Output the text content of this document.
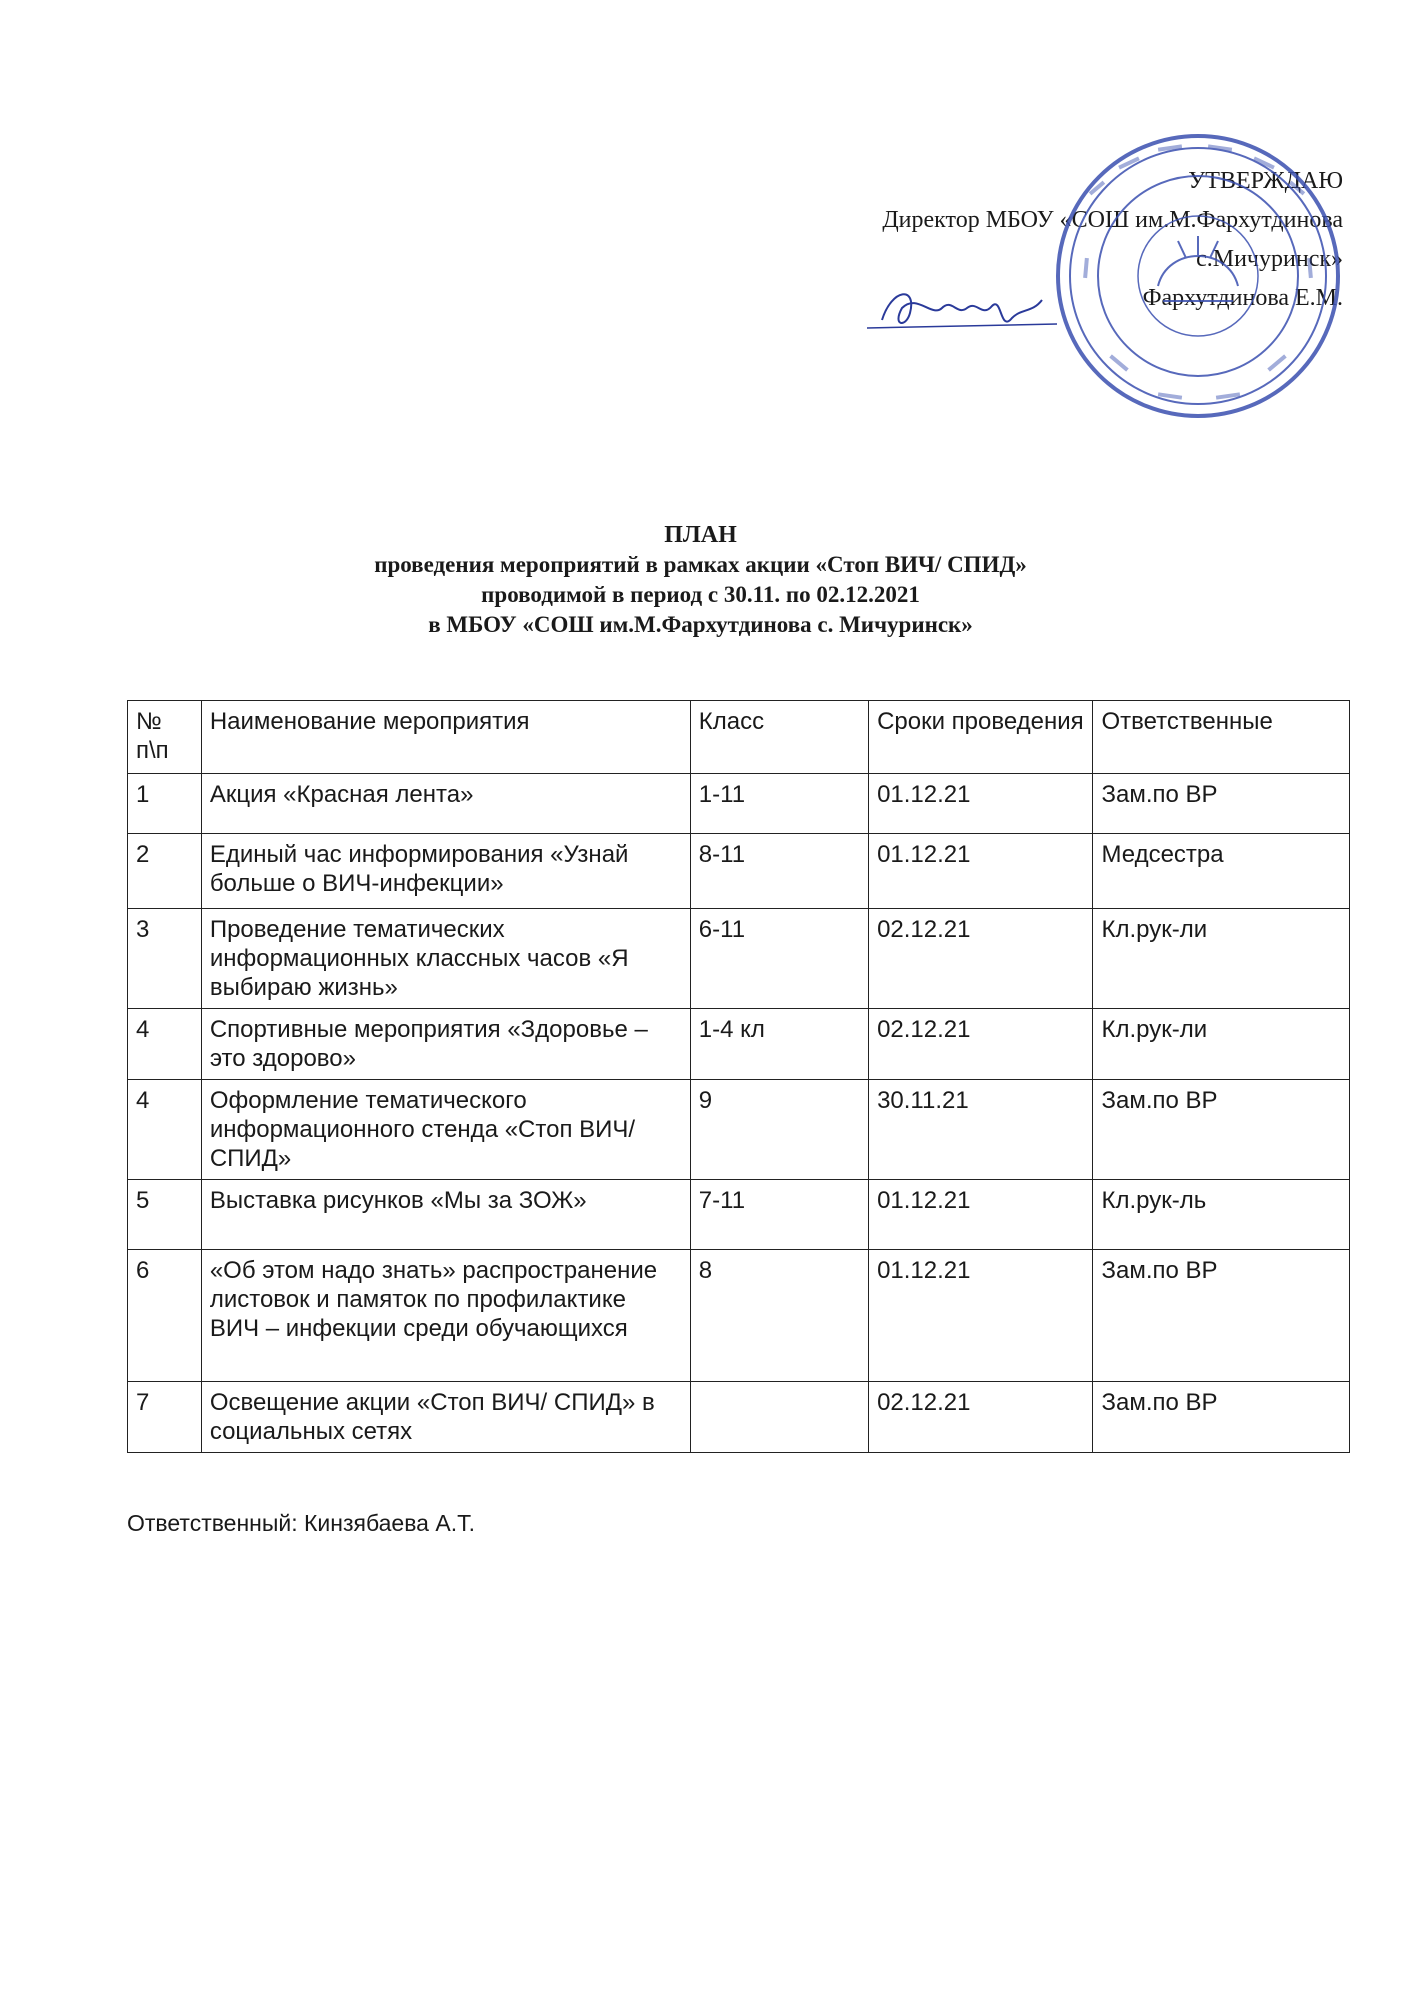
УТВЕРЖДАЮ
Директор МБОУ «СОШ им.М.Фархутдинова
с.Мичуринск»
Фархутдинова Е.М.
ПЛАН
проведения мероприятий в рамках акции «Стоп ВИЧ/ СПИД»
проводимой в период с 30.11. по 02.12.2021
в МБОУ «СОШ им.М.Фархутдинова с. Мичуринск»
№ п\п	Наименование мероприятия	Класс	Сроки проведения	Ответственные
1	Акция «Красная лента»	1-11	01.12.21	Зам.по ВР
2	Единый час информирования «Узнай больше о ВИЧ-инфекции»	8-11	01.12.21	Медсестра
3	Проведение тематических информационных классных часов «Я выбираю жизнь»	6-11	02.12.21	Кл.рук-ли
4	Спортивные мероприятия «Здоровье – это здорово»	1-4 кл	02.12.21	Кл.рук-ли
4	Оформление тематического информационного стенда «Стоп ВИЧ/СПИД»	9	30.11.21	Зам.по ВР
5	Выставка рисунков «Мы за ЗОЖ»	7-11	01.12.21	Кл.рук-ль
6	«Об этом надо знать» распространение листовок и памяток по профилактике ВИЧ – инфекции среди обучающихся	8	01.12.21	Зам.по ВР
7	Освещение акции «Стоп ВИЧ/ СПИД» в социальных сетях		02.12.21	Зам.по ВР
Ответственный: Кинзябаева А.Т.
